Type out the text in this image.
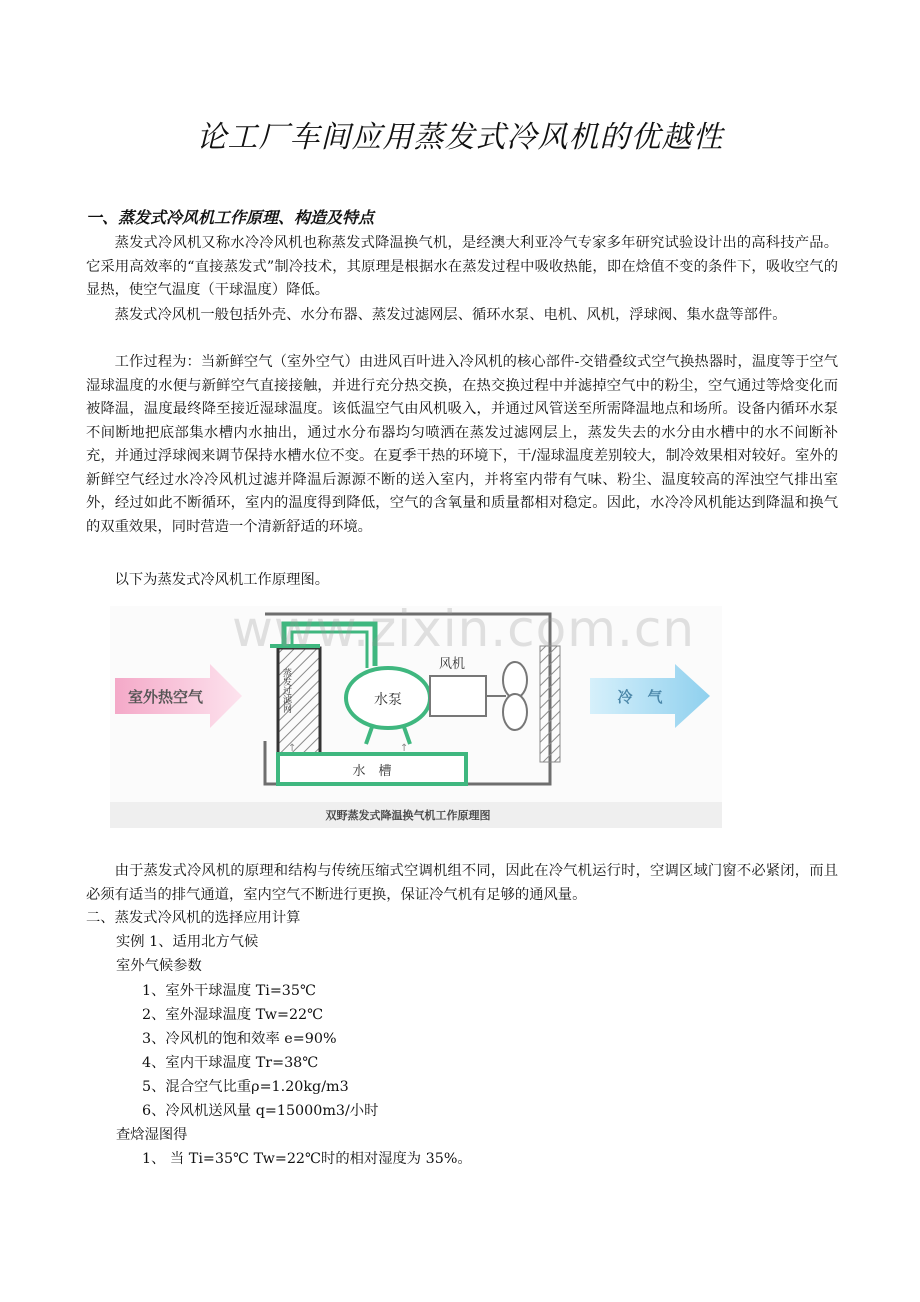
论工厂车间应用蒸发式冷风机的优越性
一、蒸发式冷风机工作原理、构造及特点

蒸发式冷风机又称水冷冷风机也称蒸发式降温换气机，是经澳大利亚冷气专家多年研究试验设计出的高科技产品。它采用高效率的“直接蒸发式”制冷技术，其原理是根据水在蒸发过程中吸收热能，即在焓值不变的条件下，吸收空气的显热，使空气温度（干球温度）降低。

蒸发式冷风机一般包括外壳、水分布器、蒸发过滤网层、循环水泵、电机、风机，浮球阀、集水盘等部件。

工作过程为：当新鲜空气（室外空气）由进风百叶进入冷风机的核心部件-交错叠纹式空气换热器时，温度等于空气湿球温度的水便与新鲜空气直接接触，并进行充分热交换，在热交换过程中并滤掉空气中的粉尘，空气通过等焓变化而被降温，温度最终降至接近湿球温度。该低温空气由风机吸入，并通过风管送至所需降温地点和场所。设备内循环水泵不间断地把底部集水槽内水抽出，通过水分布器均匀喷洒在蒸发过滤网层上，蒸发失去的水分由水槽中的水不间断补充，并通过浮球阀来调节保持水槽水位不变。在夏季干热的环境下，干/湿球温度差别较大，制冷效果相对较好。室外的新鲜空气经过水冷冷风机过滤并降温后源源不断的送入室内，并将室内带有气味、粉尘、温度较高的浑浊空气排出室外，经过如此不断循环，室内的温度得到降低，空气的含氧量和质量都相对稳定。因此，水冷冷风机能达到降温和换气的双重效果，同时营造一个清新舒适的环境。

以下为蒸发式冷风机工作原理图。

室外热空气	蒸发过滤网	水泵
水　槽
↑	↑
风机
冷　气
双野蒸发式降温换气机工作原理图
www.zixin.com.cn

由于蒸发式冷风机的原理和结构与传统压缩式空调机组不同，因此在冷气机运行时，空调区域门窗不必紧闭，而且必须有适当的排气通道，室内空气不断进行更换，保证冷气机有足够的通风量。

二、蒸发式冷风机的选择应用计算
实例 1、适用北方气候
室外气候参数
1、室外干球温度 Ti=35℃
2、室外湿球温度 Tw=22℃
3、冷风机的饱和效率 e=90%
4、室内干球温度 Tr=38℃
5、混合空气比重ρ=1.20kg/m3
6、冷风机送风量 q=15000m3/小时
查焓湿图得
1、 当 Ti=35℃ Tw=22℃时的相对湿度为 35%。
